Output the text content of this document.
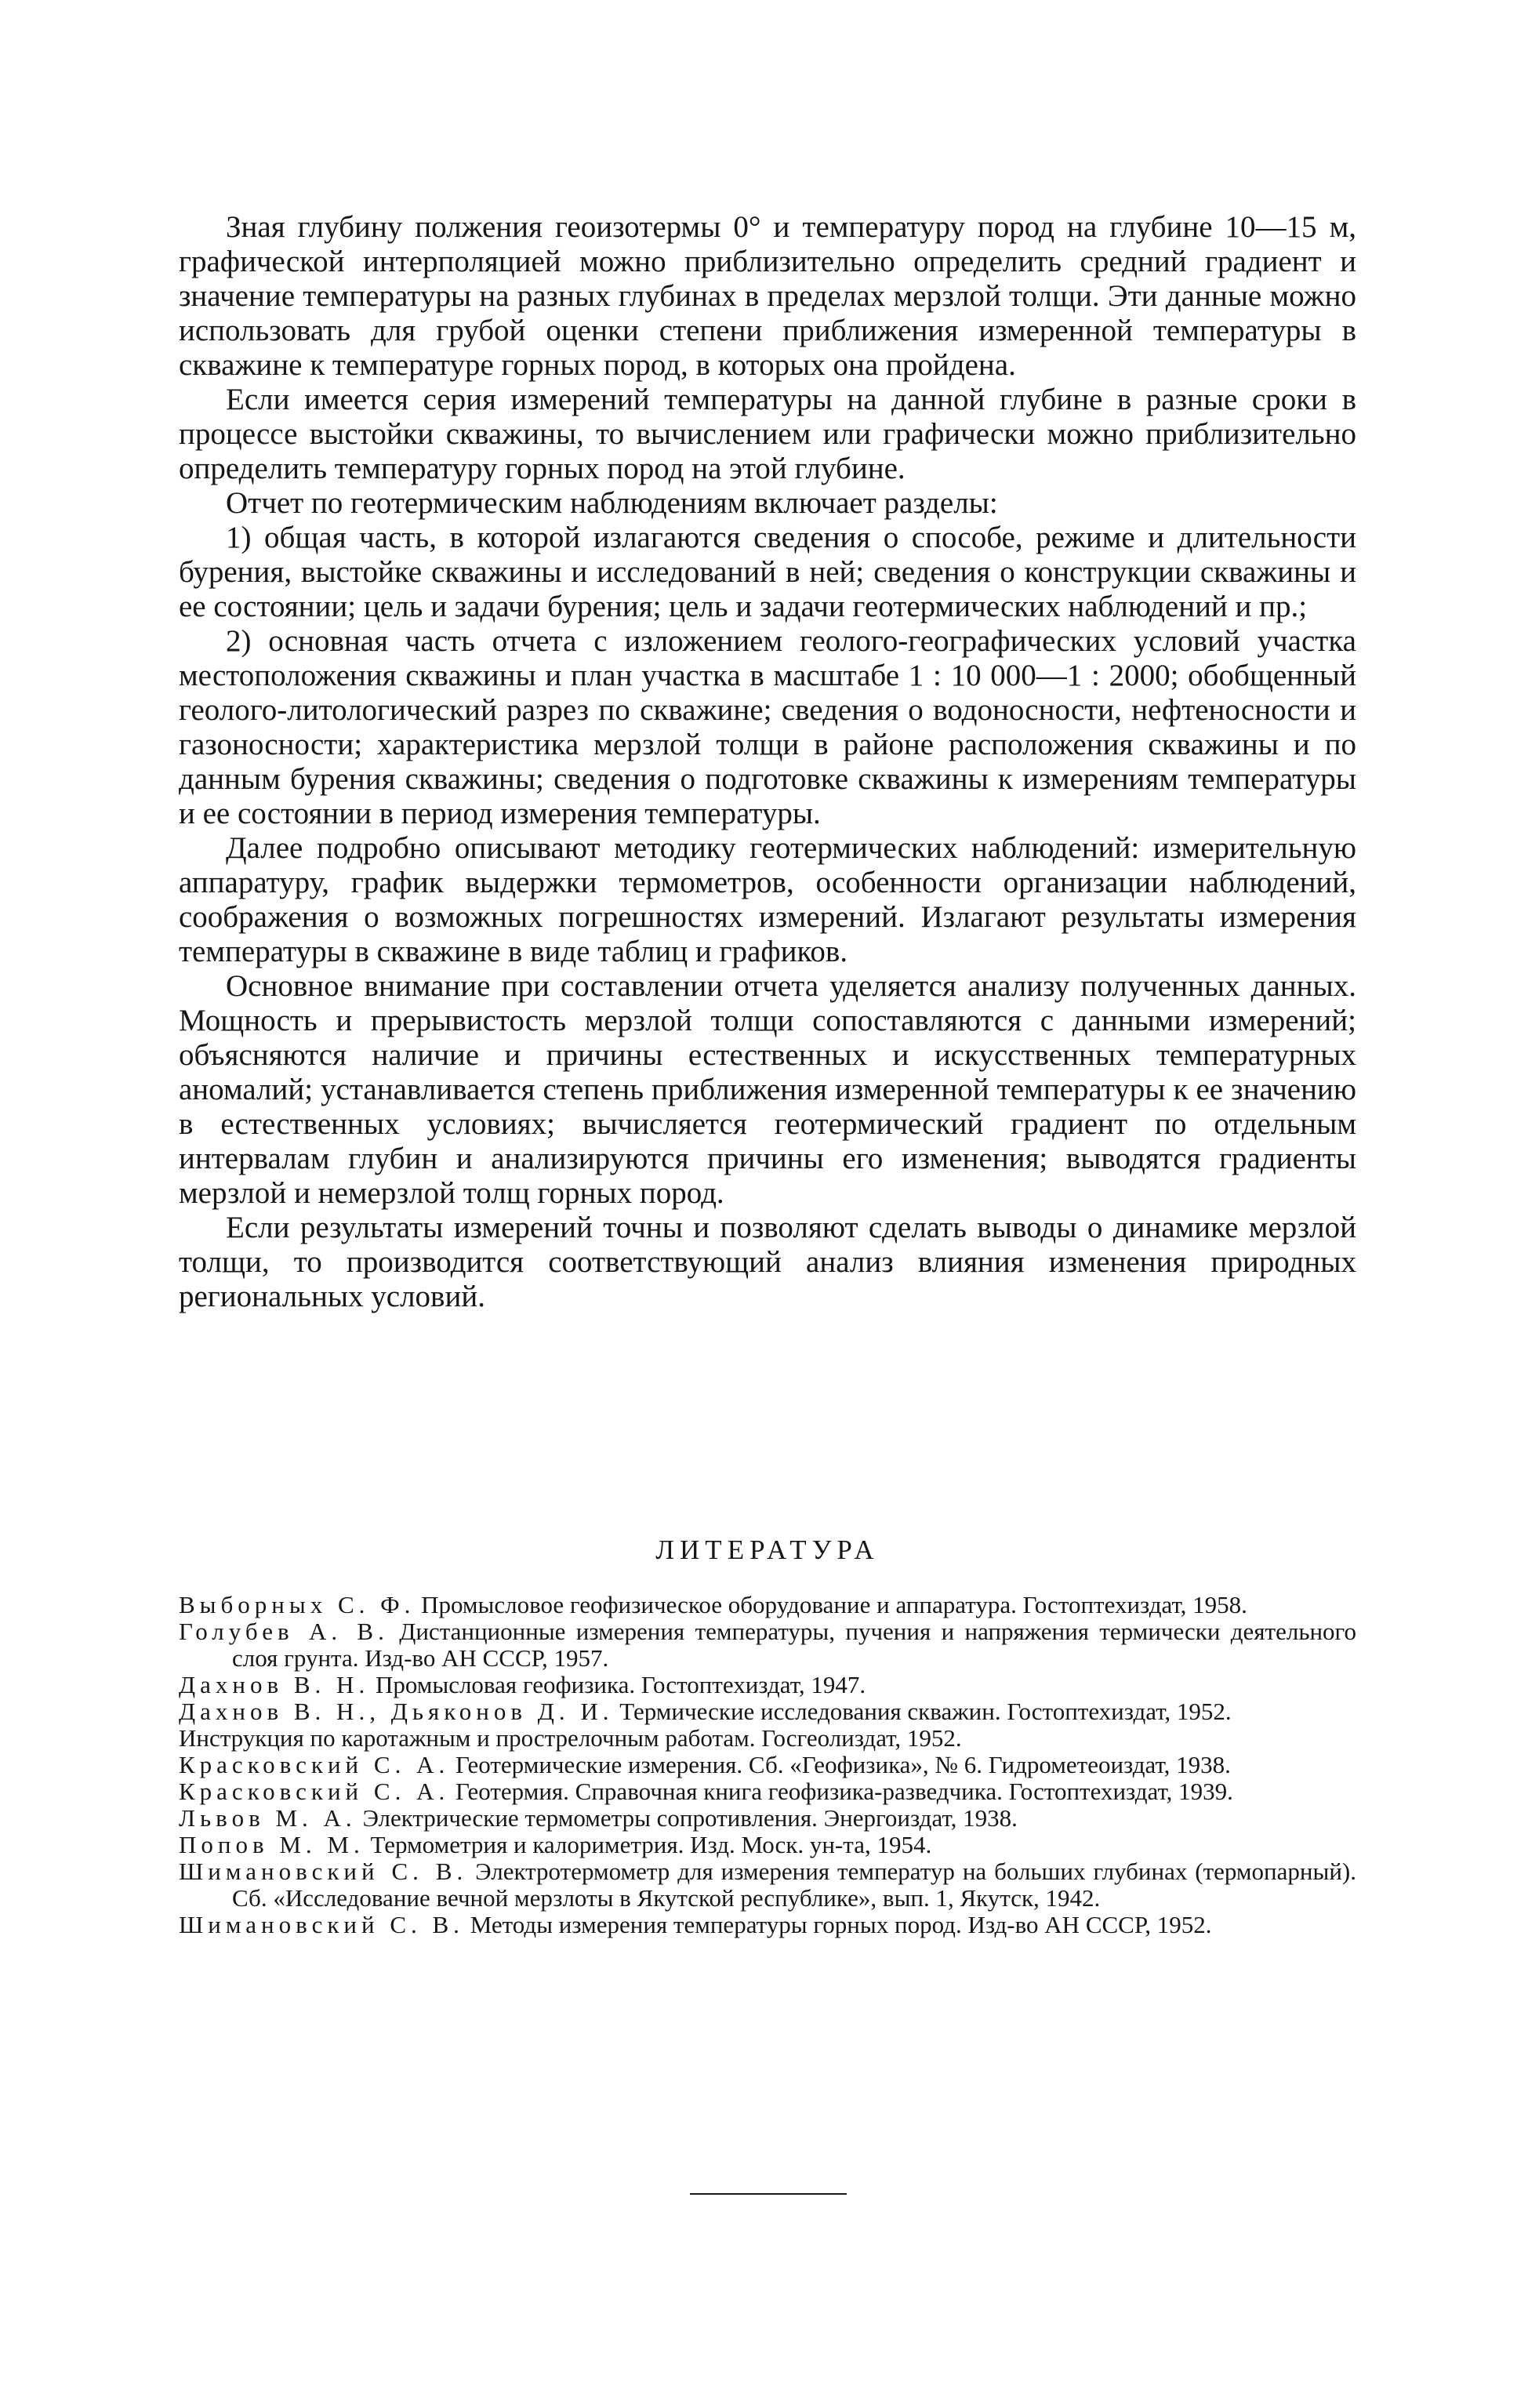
Зная глубину полжения геоизотермы 0° и температуру пород на глубине 10—15 м, графической интерполяцией можно приблизительно определить средний градиент и значение температуры на разных глубинах в пределах мерзлой толщи. Эти данные можно использовать для грубой оценки степени приближения измеренной температуры в скважине к температуре горных пород, в которых она пройдена.

Если имеется серия измерений температуры на данной глубине в разные сроки в процессе выстойки скважины, то вычислением или графически можно приблизительно определить температуру горных пород на этой глубине.

Отчет по геотермическим наблюдениям включает разделы:

1) общая часть, в которой излагаются сведения о способе, режиме и длительности бурения, выстойке скважины и исследований в ней; сведения о конструкции скважины и ее состоянии; цель и задачи бурения; цель и задачи геотермических наблюдений и пр.;

2) основная часть отчета с изложением геолого-географических условий участка местоположения скважины и план участка в масштабе 1 : 10 000—1 : 2000; обобщенный геолого-литологический разрез по скважине; сведения о водоносности, нефтеносности и газоносности; характеристика мерзлой толщи в районе расположения скважины и по данным бурения скважины; сведения о подготовке скважины к измерениям температуры и ее состоянии в период измерения температуры.

Далее подробно описывают методику геотермических наблюдений: измерительную аппаратуру, график выдержки термометров, особенности организации наблюдений, соображения о возможных погрешностях измерений. Излагают результаты измерения температуры в скважине в виде таблиц и графиков.

Основное внимание при составлении отчета уделяется анализу полученных данных. Мощность и прерывистость мерзлой толщи сопоставляются с данными измерений; объясняются наличие и причины естественных и искусственных температурных аномалий; устанавливается степень приближения измеренной температуры к ее значению в естественных условиях; вычисляется геотермический градиент по отдельным интервалам глубин и анализируются причины его изменения; выводятся градиенты мерзлой и немерзлой толщ горных пород.

Если результаты измерений точны и позволяют сделать выводы о динамике мерзлой толщи, то производится соответствующий анализ влияния изменения природных региональных условий.

ЛИТЕРАТУРА

Выборных С. Ф. Промысловое геофизическое оборудование и аппаратура. Гостоптехиздат, 1958.

Голубев А. В. Дистанционные измерения температуры, пучения и напряжения термически деятельного слоя грунта. Изд-во АН СССР, 1957.

Дахнов В. Н. Промысловая геофизика. Гостоптехиздат, 1947.

Дахнов В. Н., Дьяконов Д. И. Термические исследования скважин. Гостоптехиздат, 1952.

Инструкция по каротажным и прострелочным работам. Госгеолиздат, 1952.

Красковский С. А. Геотермические измерения. Сб. «Геофизика», № 6. Гидрометеоиздат, 1938.

Красковский С. А. Геотермия. Справочная книга геофизика-разведчика. Гостоптехиздат, 1939.

Львов М. А. Электрические термометры сопротивления. Энергоиздат, 1938.

Попов М. М. Термометрия и калориметрия. Изд. Моск. ун-та, 1954.

Шимановский С. В. Электротермометр для измерения температур на больших глубинах (термопарный). Сб. «Исследование вечной мерзлоты в Якутской республике», вып. 1, Якутск, 1942.

Шимановский С. В. Методы измерения температуры горных пород. Изд-во АН СССР, 1952.
